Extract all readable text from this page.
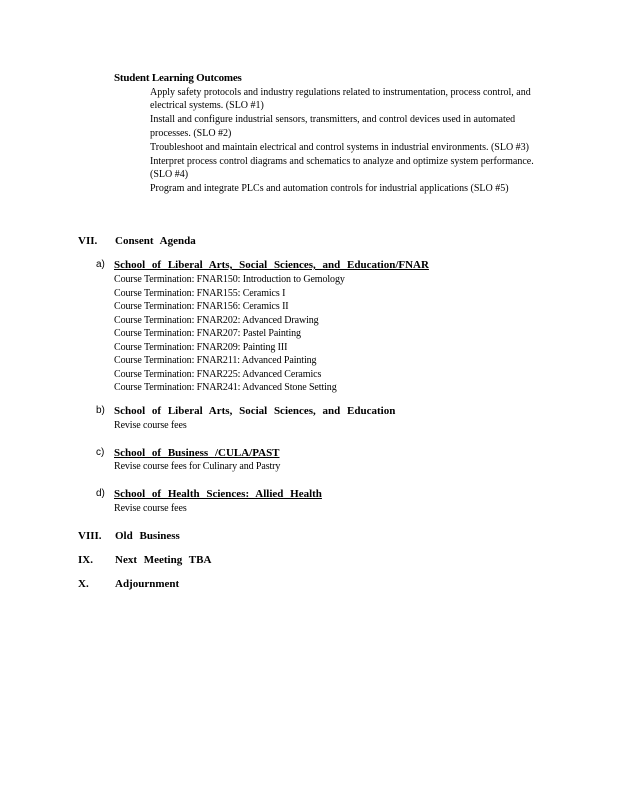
Student Learning Outcomes
Apply safety protocols and industry regulations related to instrumentation, process control, and electrical systems. (SLO #1)
Install and configure industrial sensors, transmitters, and control devices used in automated processes. (SLO #2)
Troubleshoot and maintain electrical and control systems in industrial environments. (SLO #3)
Interpret process control diagrams and schematics to analyze and optimize system performance. (SLO #4)
Program and integrate PLCs and automation controls for industrial applications (SLO #5)
VII. Consent Agenda
a) School of Liberal Arts, Social Sciences, and Education/FNAR
Course Termination: FNAR150: Introduction to Gemology
Course Termination: FNAR155: Ceramics I
Course Termination: FNAR156: Ceramics II
Course Termination: FNAR202: Advanced Drawing
Course Termination: FNAR207: Pastel Painting
Course Termination: FNAR209: Painting III
Course Termination: FNAR211: Advanced Painting
Course Termination: FNAR225: Advanced Ceramics
Course Termination: FNAR241: Advanced Stone Setting
b) School of Liberal Arts, Social Sciences, and Education
Revise course fees
c) School of Business /CULA/PAST
Revise course fees for Culinary and Pastry
d) School of Health Sciences: Allied Health
Revise course fees
VIII. Old Business
IX. Next Meeting TBA
X. Adjournment
